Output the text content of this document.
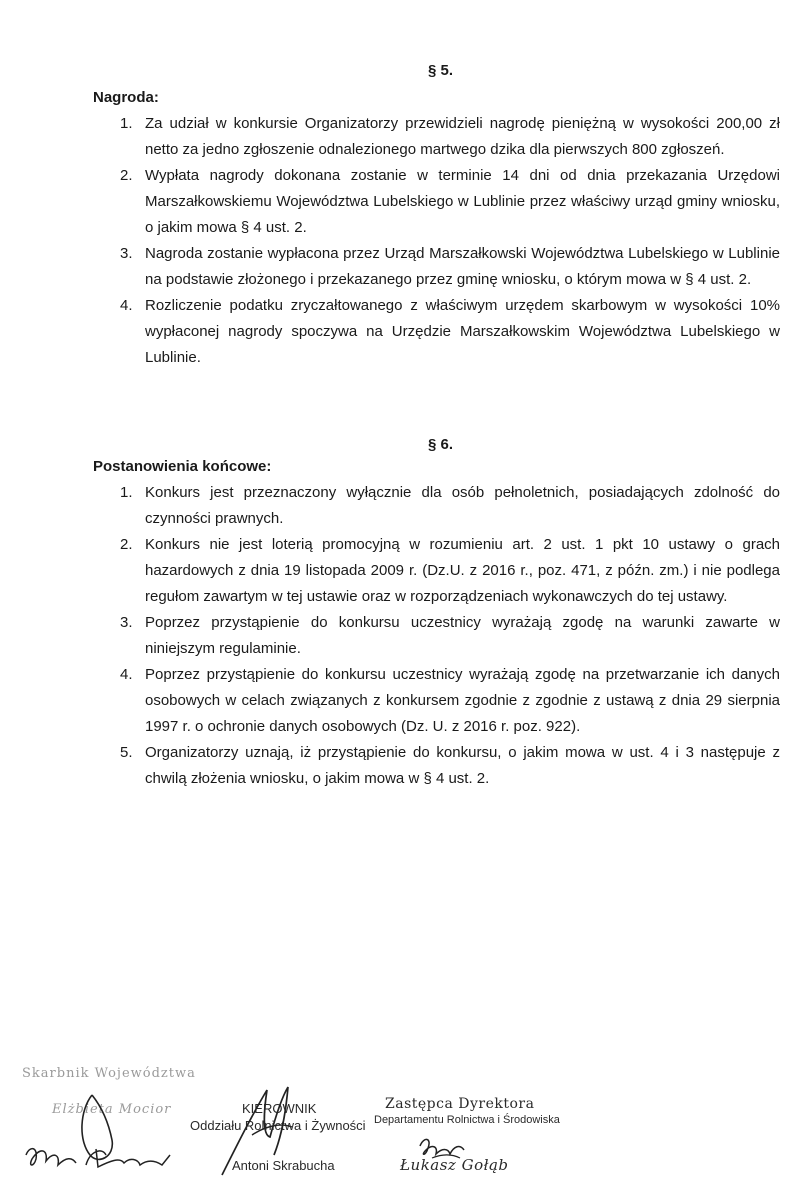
§ 5.
Nagroda:
1. Za udział w konkursie Organizatorzy przewidzieli nagrodę pieniężną w wysokości 200,00 zł netto za jedno zgłoszenie odnalezionego martwego dzika dla pierwszych 800 zgłoszeń.
2. Wypłata nagrody dokonana zostanie w terminie 14 dni od dnia przekazania Urzędowi Marszałkowskiemu Województwa Lubelskiego w Lublinie przez właściwy urząd gminy wniosku, o jakim mowa § 4 ust. 2.
3. Nagroda zostanie wypłacona przez Urząd Marszałkowski Województwa Lubelskiego w Lublinie na podstawie złożonego i przekazanego przez gminę wniosku, o którym mowa w § 4 ust. 2.
4. Rozliczenie podatku zryczałtowanego z właściwym urzędem skarbowym w wysokości 10% wypłaconej nagrody spoczywa na Urzędzie Marszałkowskim Województwa Lubelskiego w Lublinie.
§ 6.
Postanowienia końcowe:
1. Konkurs jest przeznaczony wyłącznie dla osób pełnoletnich, posiadających zdolność do czynności prawnych.
2. Konkurs nie jest loterią promocyjną w rozumieniu art. 2 ust. 1 pkt 10 ustawy o grach hazardowych z dnia 19 listopada 2009 r. (Dz.U. z 2016 r., poz. 471, z późn. zm.) i nie podlega regułom zawartym w tej ustawie oraz w rozporządzeniach wykonawczych do tej ustawy.
3. Poprzez przystąpienie do konkursu uczestnicy wyrażają zgodę na warunki zawarte w niniejszym regulaminie.
4. Poprzez przystąpienie do konkursu uczestnicy wyrażają zgodę na przetwarzanie ich danych osobowych w celach związanych z konkursem zgodnie z zgodnie z ustawą z dnia 29 sierpnia 1997 r. o ochronie danych osobowych (Dz. U. z 2016 r. poz. 922).
5. Organizatorzy uznają, iż przystąpienie do konkursu, o jakim mowa w ust. 4 i 3 następuje z chwilą złożenia wniosku, o jakim mowa w § 4 ust. 2.
Skarbnik Województwa
Elżbieta Mocior	KIEROWNIK
Oddziału Rolnictwa i Żywności
Antoni Skrabucha
Zastępca Dyrektora
Departamentu Rolnictwa i Środowiska
Łukasz Gołąb
